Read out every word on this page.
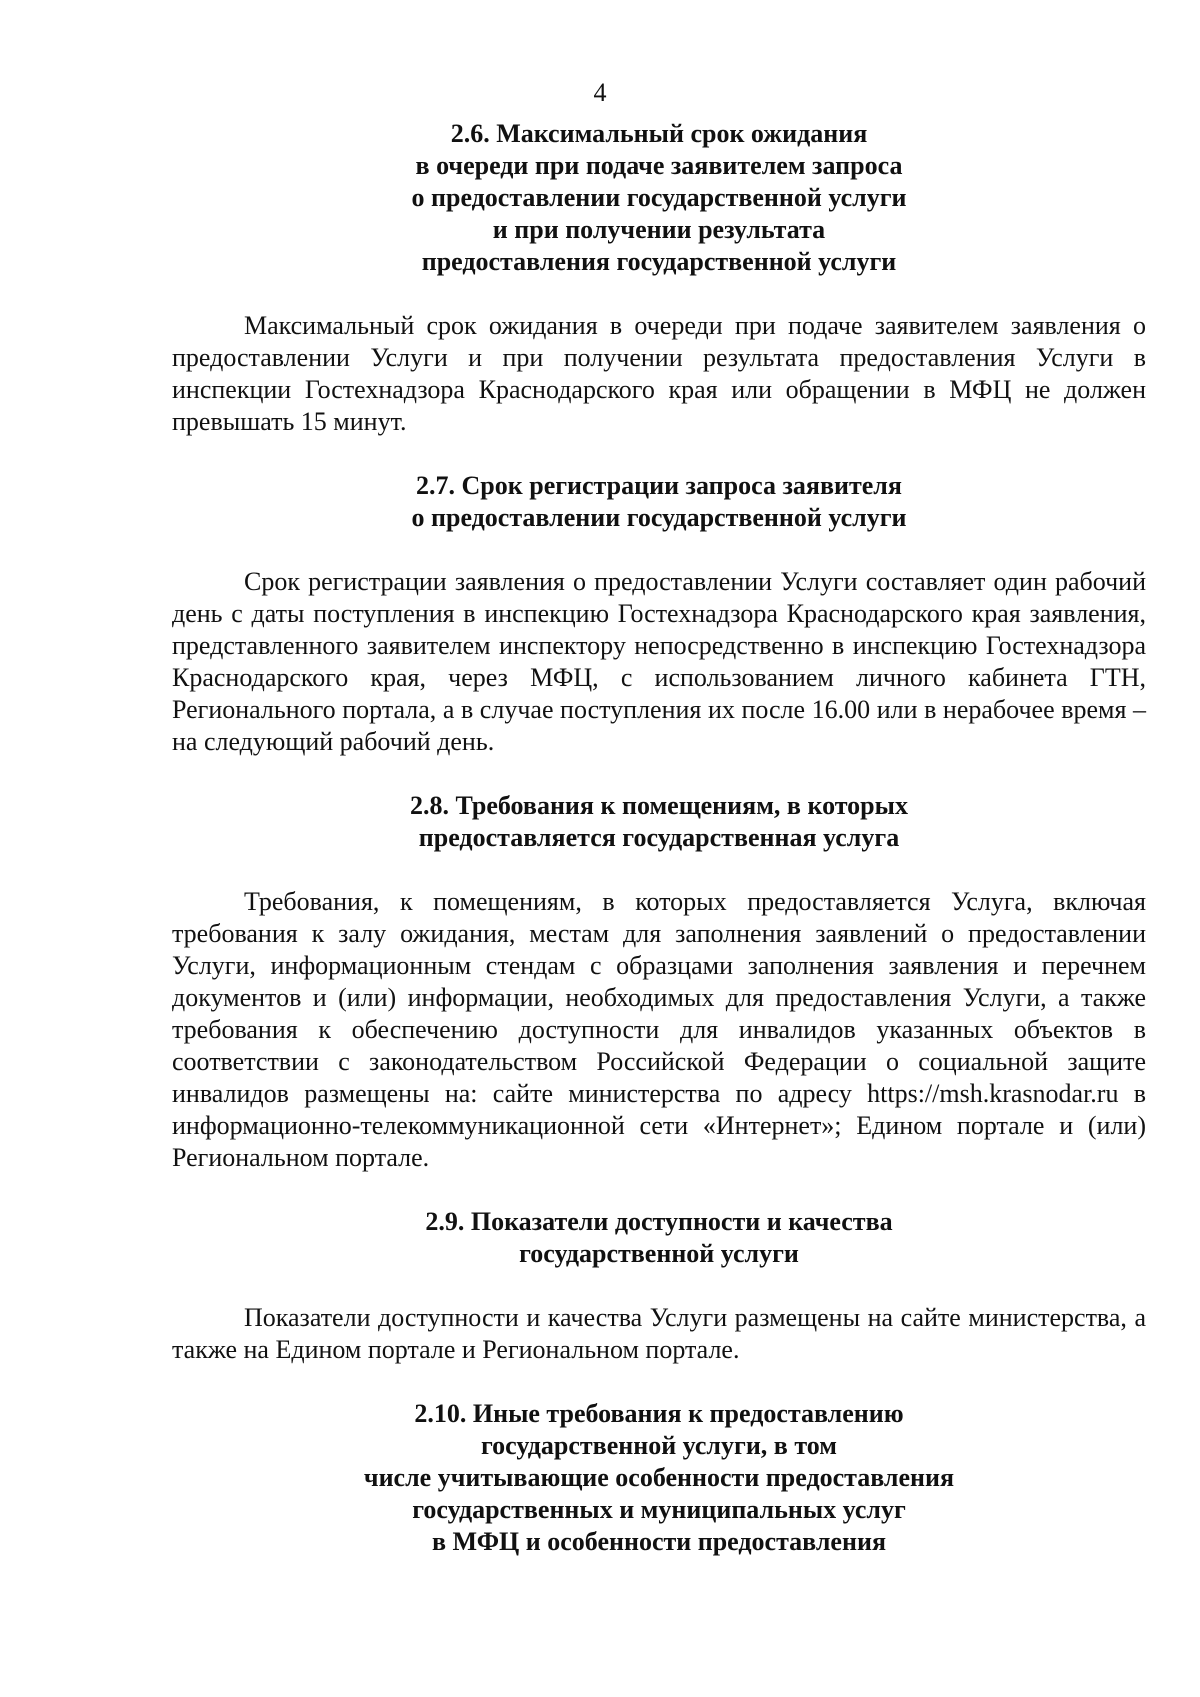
4
2.6. Максимальный срок ожидания
в очереди при подаче заявителем запроса
о предоставлении государственной услуги
и при получении результата
предоставления государственной услуги

Максимальный срок ожидания в очереди при подаче заявителем заявления о предоставлении Услуги и при получении результата предоставления Услуги в инспекции Гостехнадзора Краснодарского края или обращении в МФЦ не должен превышать 15 минут.

2.7. Срок регистрации запроса заявителя
о предоставлении государственной услуги

Срок регистрации заявления о предоставлении Услуги составляет один рабочий день с даты поступления в инспекцию Гостехнадзора Краснодарского края заявления, представленного заявителем инспектору непосредственно в инспекцию Гостехнадзора Краснодарского края, через МФЦ, с использованием личного кабинета ГТН, Регионального портала, а в случае поступления их после 16.00 или в нерабочее время – на следующий рабочий день.

2.8. Требования к помещениям, в которых
предоставляется государственная услуга

Требования, к помещениям, в которых предоставляется Услуга, включая требования к залу ожидания, местам для заполнения заявлений о предоставлении Услуги, информационным стендам с образцами заполнения заявления и перечнем документов и (или) информации, необходимых для предоставления Услуги, а также требования к обеспечению доступности для инвалидов указанных объектов в соответствии с законодательством Российской Федерации о социальной защите инвалидов размещены на: сайте министерства по адресу https://msh.krasnodar.ru в информационно-телекоммуникационной сети «Интернет»; Едином портале и (или) Региональном портале.

2.9. Показатели доступности и качества
государственной услуги

Показатели доступности и качества Услуги размещены на сайте министерства, а также на Едином портале и Региональном портале.

2.10. Иные требования к предоставлению
государственной услуги, в том
числе учитывающие особенности предоставления
государственных и муниципальных услуг
в МФЦ и особенности предоставления
